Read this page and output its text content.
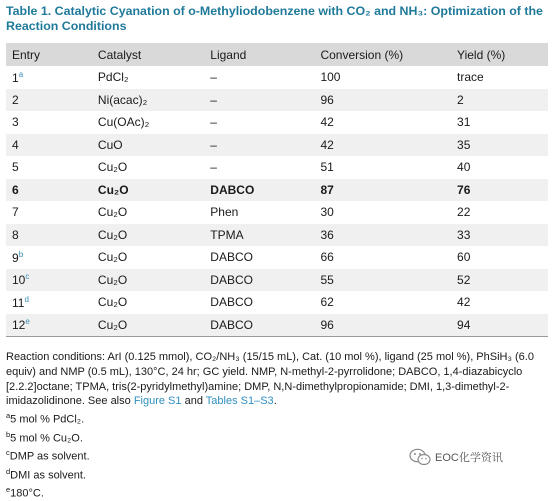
Table 1. Catalytic Cyanation of o-Methyliodobenzene with CO₂ and NH₃: Optimization of the Reaction Conditions
Entry	Catalyst	Ligand	Conversion (%)	Yield (%)
1$^a$	PdCl₂	–	100	trace
2	Ni(acac)₂	–	96	2
3	Cu(OAc)₂	–	42	31
4	CuO	–	42	35
5	Cu₂O	–	51	40
6	Cu₂O	DABCO	87	76
7	Cu₂O	Phen	30	22
8	Cu₂O	TPMA	36	33
9$^b$	Cu₂O	DABCO	66	60
10$^c$	Cu₂O	DABCO	55	52
11$^d$	Cu₂O	DABCO	62	42
12e	Cu₂O	DABCO	96	94

Reaction conditions: ArI (0.125 mmol), CO₂/NH₃ (15/15 mL), Cat. (10 mol %), ligand (25 mol %), PhSiH₃ (6.0 equiv) and NMP (0.5 mL), 130°C, 24 hr; GC yield. NMP, N-methyl-2-pyrrolidone; DABCO, 1,4-diazabicyclo [2.2.2]octane; TPMA, tris(2-pyridylmethyl)amine; DMP, N,N-dimethylpropionamide; DMI, 1,3-dimethyl-2-imidazolidinone. See also Figure S1 and Tables S1–S3.

$^a$5 mol % PdCl₂.

$^b$5 mol % Cu₂O.

$^c$DMP as solvent.

$^d$DMI as solvent.

$^e$180°C.

EOC化学资讯
